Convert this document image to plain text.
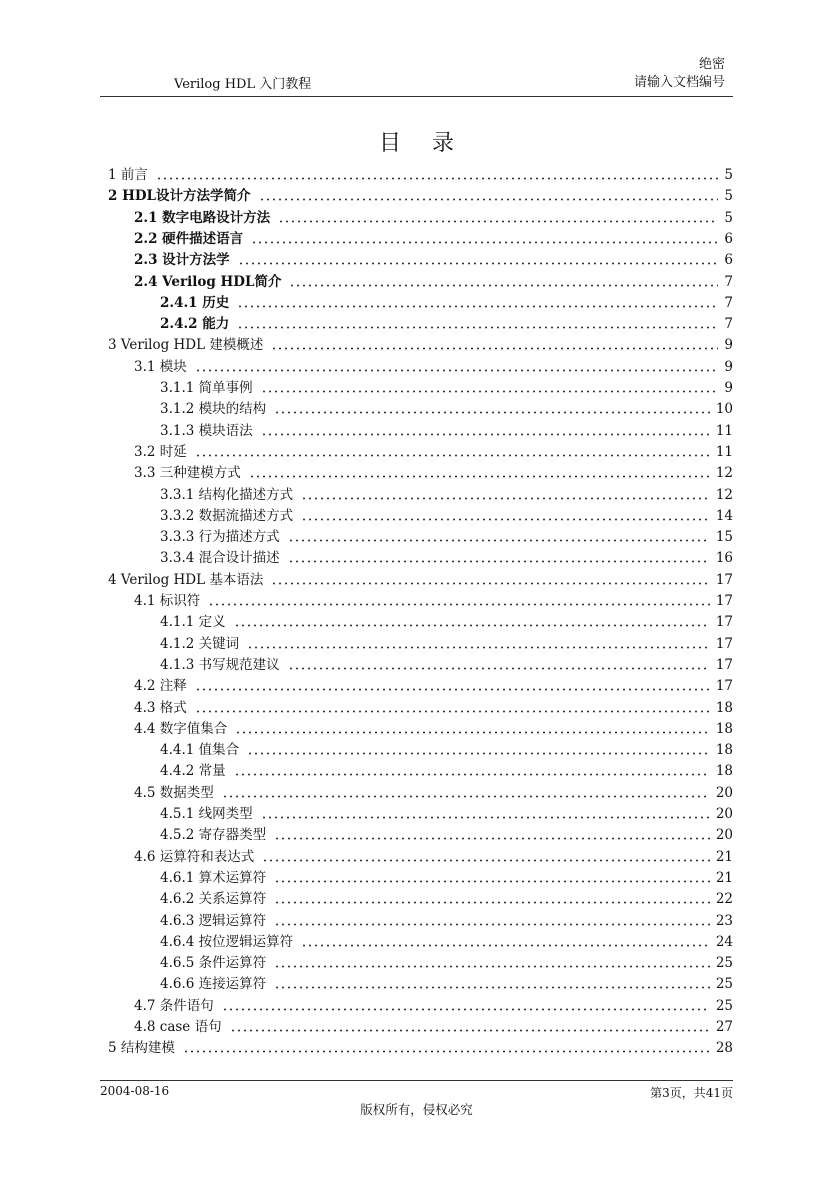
Verilog HDL 入门教程
绝密
请输入文档编号
目 录
1 前言	5
2 HDL设计方法学简介	5
2.1 数字电路设计方法	5
2.2 硬件描述语言	6
2.3 设计方法学	6
2.4 Verilog HDL简介	7
2.4.1 历史	7
2.4.2 能力	7
3 Verilog HDL 建模概述	9
3.1 模块	9
3.1.1 简单事例	9
3.1.2 模块的结构	10
3.1.3 模块语法	11
3.2 时延	11
3.3 三种建模方式	12
3.3.1 结构化描述方式	12
3.3.2 数据流描述方式	14
3.3.3 行为描述方式	15
3.3.4 混合设计描述	16
4 Verilog HDL 基本语法	17
4.1 标识符	17
4.1.1 定义	17
4.1.2 关键词	17
4.1.3 书写规范建议	17
4.2 注释	17
4.3 格式	18
4.4 数字值集合	18
4.4.1 值集合	18
4.4.2 常量	18
4.5 数据类型	20
4.5.1 线网类型	20
4.5.2 寄存器类型	20
4.6 运算符和表达式	21
4.6.1 算术运算符	21
4.6.2 关系运算符	22
4.6.3 逻辑运算符	23
4.6.4 按位逻辑运算符	24
4.6.5 条件运算符	25
4.6.6 连接运算符	25
4.7 条件语句	25
4.8 case 语句	27
5 结构建模	28
2004-08-16	第3页，共41页
版权所有，侵权必究
